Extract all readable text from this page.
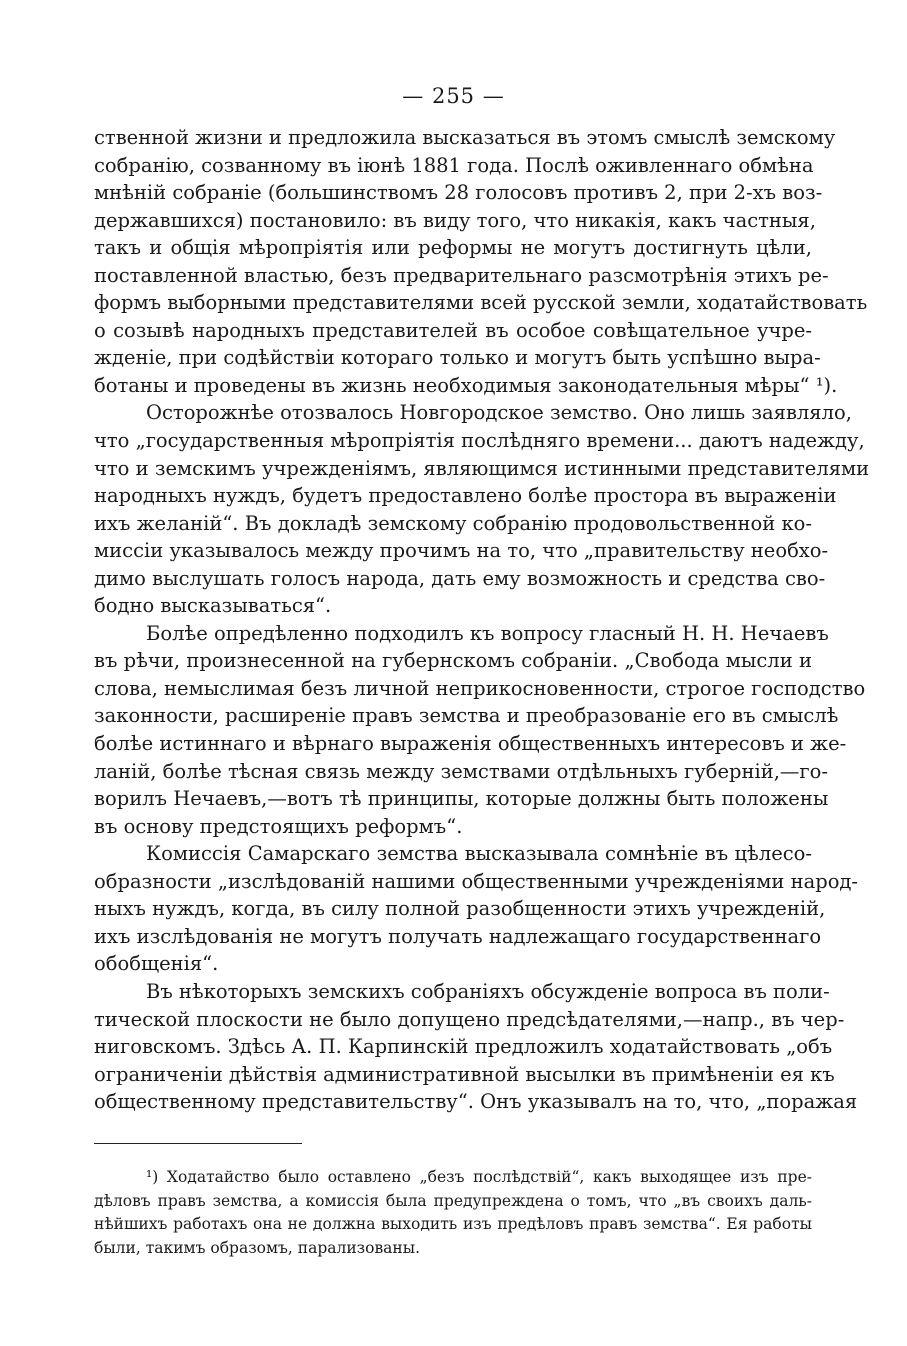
— 255 —
ственной жизни и предложила высказаться въ этомъ смыслѣ земскому
собранію, созванному въ іюнѣ 1881 года. Послѣ оживленнаго обмѣна
мнѣній собраніе (большинствомъ 28 голосовъ противъ 2, при 2-хъ воз-
державшихся) постановило: въ виду того, что никакія, какъ частныя,
такъ и общія мѣропріятія или реформы не могутъ достигнуть цѣли,
поставленной властью, безъ предварительнаго разсмотрѣнія этихъ ре-
формъ выборными представителями всей русской земли, ходатайствовать
о созывѣ народныхъ представителей въ особое совѣщательное учре-
жденіе, при содѣйствіи котораго только и могутъ быть успѣшно выра-
ботаны и проведены въ жизнь необходимыя законодательныя мѣры“ ¹).
Осторожнѣе отозвалось Новгородское земство. Оно лишь заявляло,
что „государственныя мѣропріятія послѣдняго времени... даютъ надежду,
что и земскимъ учрежденіямъ, являющимся истинными представителями
народныхъ нуждъ, будетъ предоставлено болѣе простора въ выраженіи
ихъ желаній“. Въ докладѣ земскому собранію продовольственной ко-
миссіи указывалось между прочимъ на то, что „правительству необхо-
димо выслушать голосъ народа, дать ему возможность и средства сво-
бодно высказываться“.
Болѣе опредѣленно подходилъ къ вопросу гласный Н. Н. Нечаевъ
въ рѣчи, произнесенной на губернскомъ собраніи. „Свобода мысли и
слова, немыслимая безъ личной неприкосновенности, строгое господство
законности, расширеніе правъ земства и преобразованіе его въ смыслѣ
болѣе истиннаго и вѣрнаго выраженія общественныхъ интересовъ и же-
ланій, болѣе тѣсная связь между земствами отдѣльныхъ губерній,—го-
ворилъ Нечаевъ,—вотъ тѣ принципы, которые должны быть положены
въ основу предстоящихъ реформъ“.
Комиссія Самарскаго земства высказывала сомнѣніе въ цѣлесо-
образности „изслѣдованій нашими общественными учрежденіями народ-
ныхъ нуждъ, когда, въ силу полной разобщенности этихъ учрежденій,
ихъ изслѣдованія не могутъ получать надлежащаго государственнаго
обобщенія“.
Въ нѣкоторыхъ земскихъ собраніяхъ обсужденіе вопроса въ поли-
тической плоскости не было допущено предсѣдателями,—напр., въ чер-
ниговскомъ. Здѣсь А. П. Карпинскій предложилъ ходатайствовать „объ
ограниченіи дѣйствія административной высылки въ примѣненіи ея къ
общественному представительству“. Онъ указывалъ на то, что, „поражая
¹) Ходатайство было оставлено „безъ послѣдствій“, какъ выходящее изъ пре-
дѣловъ правъ земства, а комиссія была предупреждена о томъ, что „въ своихъ даль-
нѣйшихъ работахъ она не должна выходить изъ предѣловъ правъ земства“. Ея работы
были, такимъ образомъ, парализованы.
